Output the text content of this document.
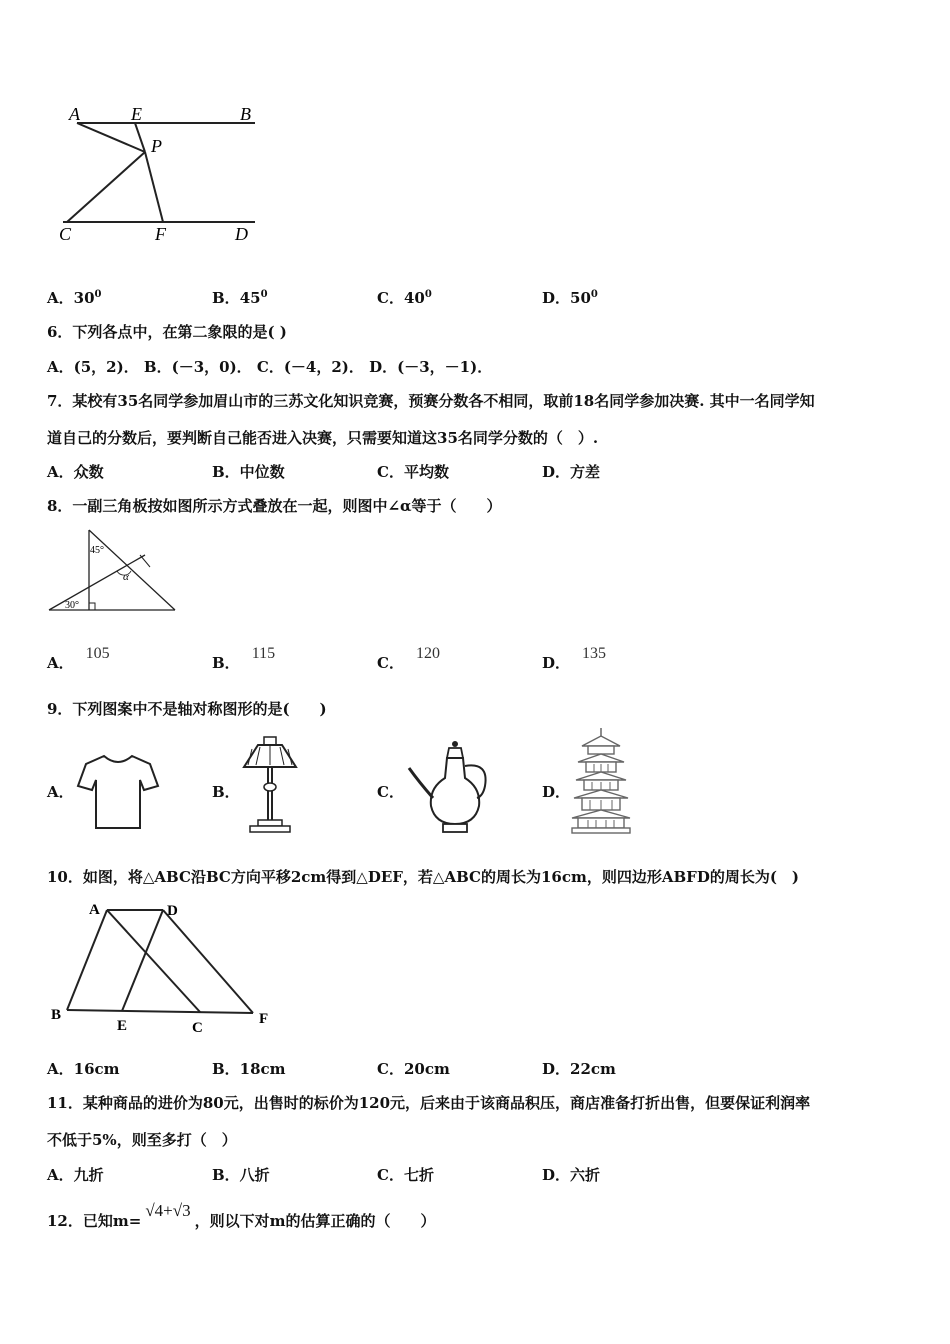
A	E	B
P
C	F	D
A．$30^0$	B．$45^0$	C．$40^0$	D．$50^0$
6．下列各点中，在第二象限的是( )
A．(5，2)． B．(－3，0)． C．(－4，2)． D．(－3，－1)．
7．某校有35名同学参加眉山市的三苏文化知识竞赛，预赛分数各不相同，取前18名同学参加决赛. 其中一名同学知
道自己的分数后，要判断自己能否进入决赛，只需要知道这35名同学分数的（　）.
A．众数	B．中位数	C．平均数	D．方差
8．一副三角板按如图所示方式叠放在一起，则图中∠α等于（　　）
45°
30°
α
A．105
B．115
C．120
D．135
9．下列图案中不是轴对称图形的是(　　)
A．	B．	C．	D．
10．如图，将△ABC沿BC方向平移2cm得到△DEF，若△ABC的周长为16cm，则四边形ABFD的周长为(　)
A	D
B
E	C
F
A．16cm	B．18cm	C．20cm	D．22cm
11．某种商品的进价为80元，出售时的标价为120元，后来由于该商品积压，商店准备打折出售，但要保证利润率
不低于5%，则至多打（　）
A．九折	B．八折	C．七折	D．六折
12．已知m=√4+√3，则以下对m的估算正确的（　　）
